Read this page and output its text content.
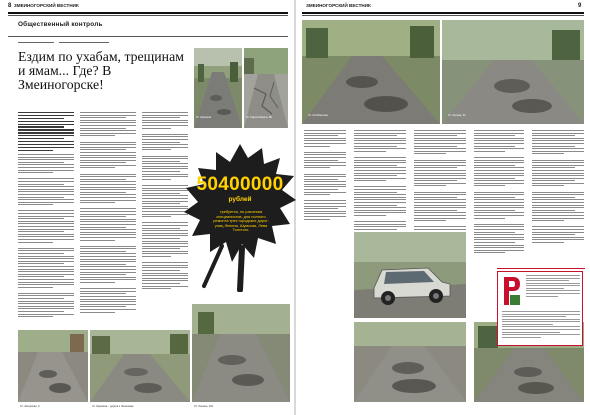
8 ЗМЕИНОГОРСКИЙ ВЕСТНИК
Общественный контроль

Ездим по ухабам, трещинам и ямам... Где? В Змеиногорске!
Ул. Шумская	Ул. Карла Маркса, 89
Ул. Загорская, 9	Ул. Шумская – дорога к Чихачевке	Ул. Ленина, 101
ЗМЕИНОГОРСКИЙ ВЕСТНИК	9
Ул. Октябрьская	Ул. Лесная, 32
50400000
рублей
требуется, по расчетам специалистов, для полного ремонта трех городских дорог: улиц Ленина, Шумская, Лева Толстого.
